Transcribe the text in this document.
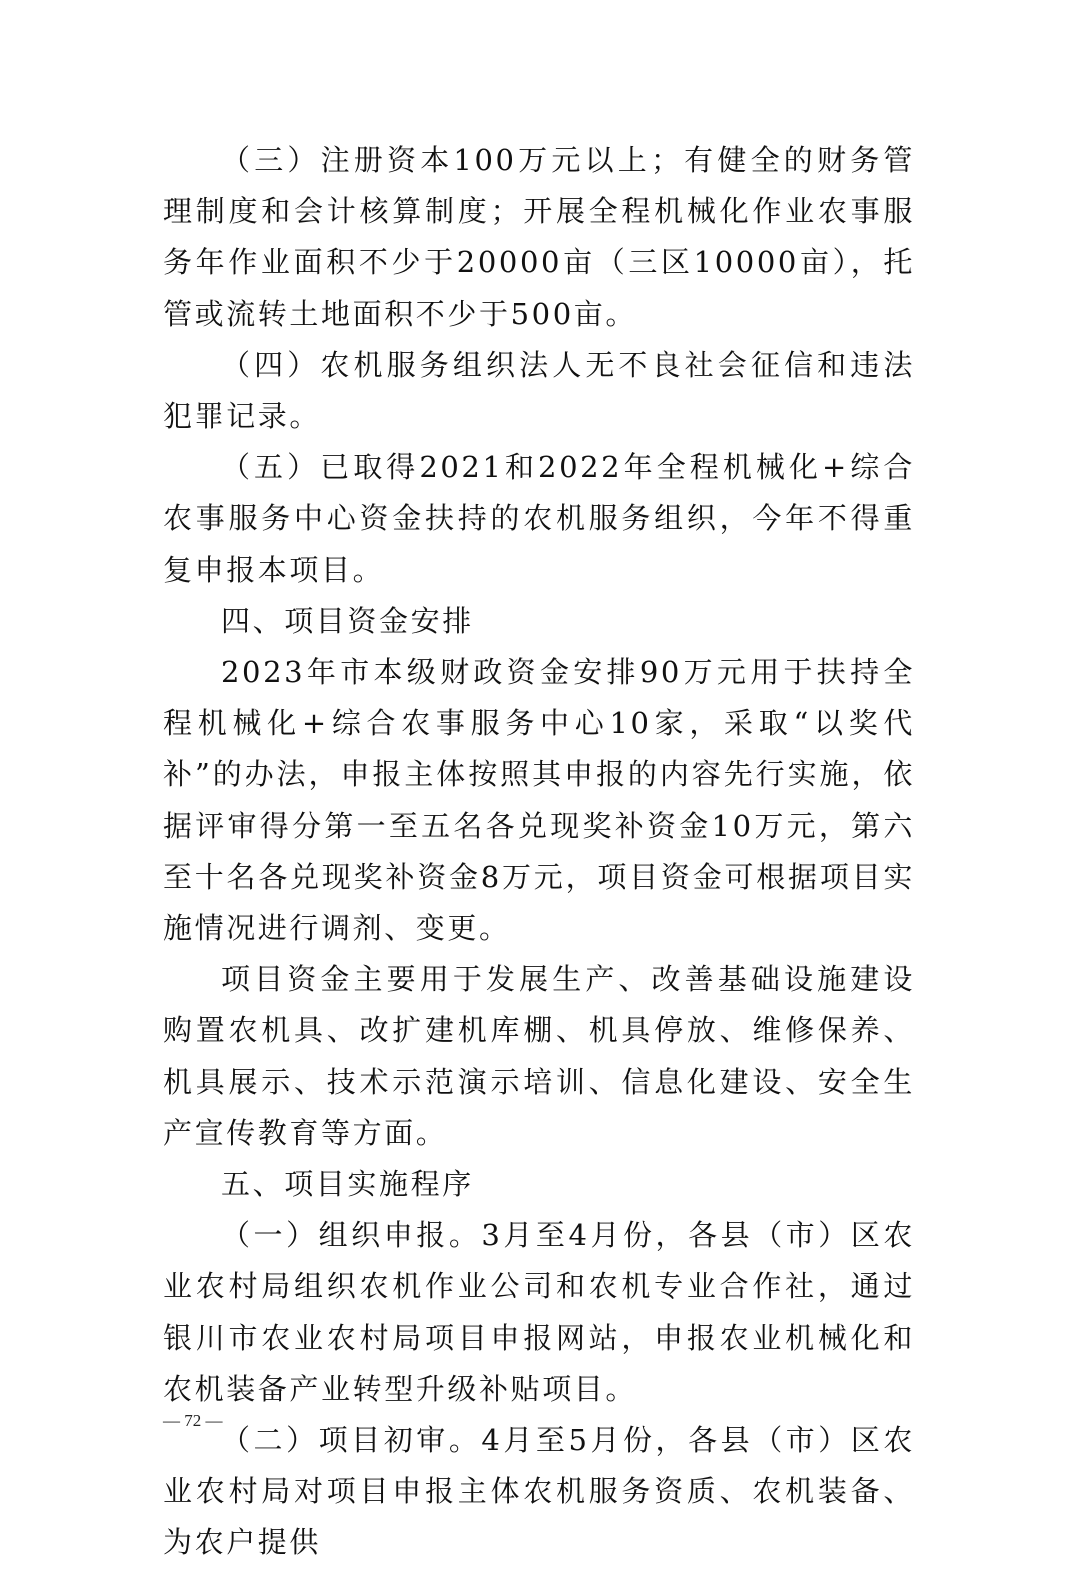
（三）注册资本100万元以上；有健全的财务管理制度和会计核算制度；开展全程机械化作业农事服务年作业面积不少于20000亩（三区10000亩），托管或流转土地面积不少于500亩。

（四）农机服务组织法人无不良社会征信和违法犯罪记录。

（五）已取得2021和2022年全程机械化+综合农事服务中心资金扶持的农机服务组织，今年不得重复申报本项目。

四、项目资金安排

2023年市本级财政资金安排90万元用于扶持全程机械化+综合农事服务中心10家，采取“以奖代补”的办法，申报主体按照其申报的内容先行实施，依据评审得分第一至五名各兑现奖补资金10万元，第六至十名各兑现奖补资金8万元，项目资金可根据项目实施情况进行调剂、变更。

项目资金主要用于发展生产、改善基础设施建设购置农机具、改扩建机库棚、机具停放、维修保养、机具展示、技术示范演示培训、信息化建设、安全生产宣传教育等方面。

五、项目实施程序

（一）组织申报。3月至4月份，各县（市）区农业农村局组织农机作业公司和农机专业合作社，通过银川市农业农村局项目申报网站，申报农业机械化和农机装备产业转型升级补贴项目。

（二）项目初审。4月至5月份，各县（市）区农业农村局对项目申报主体农机服务资质、农机装备、为农户提供

— 72 —
